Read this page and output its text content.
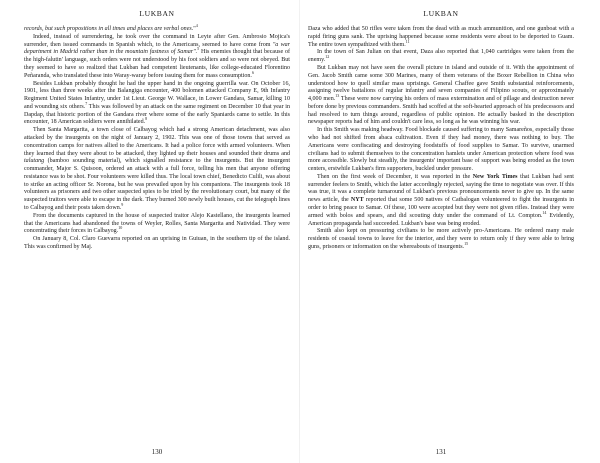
LUKBAN

records, but such propositions in all times and places are verbal ones."$^4$

Indeed, instead of surrendering, he took over the command in Leyte after Gen. Ambrosio Mojica's surrender, then issued commands in Spanish which, to the Americans, seemed to have come from "a war department in Madrid rather than in the mountain fastness of Samar".$^5$ His enemies thought that because of the high-falutin' language, such orders were not understood by his foot soldiers and so were not obeyed. But they seemed to have so realized that Lukban had competent lieutenants, like college-educated Florentino Peñaranda, who translated these into Waray-waray before issuing them for mass consumption.$^6$

Besides Lukban probably thought he had the upper hand in the ongoing guerrilla war. On October 16, 1901, less than three weeks after the Balangiga encounter, 400 bolomen attacked Company E, 9th Infantry Regiment United States Infantry, under 1st Lieut. George W. Wallace, in Lower Gandara, Samar, killing 10 and wounding six others.$^7$ This was followed by an attack on the same regiment on December 10 that year in Dapdap, that historic portion of the Gandara river where some of the early Spaniards came to settle. In this encounter, 18 American soldiers were annihilated.$^8$

Then Santa Margarita, a town close of Calbayog which had a strong American detachment, was also attacked by the insurgents on the night of January 2, 1902. This was one of those towns that served as concentration camps for natives allied to the Americans. It had a police force with armed volunteers. When they learned that they were about to be attacked, they lighted up their houses and sounded their drums and talutang (bamboo sounding material), which signalled resistance to the insurgents. But the insurgent commander, Major S. Quisoon, ordered an attack with a full force, telling his men that anyone offering resistance was to be shot. Four volunteers were killed thus. The local town chief, Benedicto Culili, was about to strike an acting officer Sr. Norona, but he was prevailed upon by his companions. The insurgents took 18 volunteers as prisoners and two other suspected spies to be tried by the revolutionary court, but many of the suspected traitors were able to escape in the dark. They burned 300 newly built houses, cut the telegraph lines to Calbayog and their posts taken down.$^9$

From the documents captured in the house of suspected traitor Alejo Kastellano, the insurgents learned that the Americans had abandoned the towns of Weyler, Rolles, Santa Margarita and Natividad. They were concentrating their forces in Calbayog.$^{10}$

On January 8, Col. Claro Guevarra reported on an uprising in Guiuan, in the southern tip of the island. This was confirmed by Maj.

130
LUKBAN

Daza who added that 50 rifles were taken from the dead with as much ammunition, and one gunboat with a rapid firing guns sank. The uprising happened because some residents were about to be deported to Guam. The entire town sympathized with them.$^{11}$

In the town of San Julian on that event, Daza also reported that 1,040 cartridges were taken from the enemy.$^{12}$

But Lukban may not have seen the overall picture in island and outside of it. With the appointment of Gen. Jacob Smith came some 300 Marines, many of them veterans of the Boxer Rebellion in China who understood how to quell similar mass uprisings. General Chaffee gave Smith substantial reinforcements, assigning twelve battalions of regular infantry and seven companies of Filipino scouts, or approximately 4,000 men.$^{13}$ These were now carrying his orders of mass extermination and of pillage and destruction never before done by previous commanders. Smith had scoffed at the soft-hearted approach of his predecessors and had resolved to turn things around, regardless of public opinion. He actually basked in the description newspaper reports had of him and couldn't care less, so long as he was winning his war.

In this Smith was making headway. Food blockade caused suffering to many Samareños, especially those who had not shifted from abaca cultivation. Even if they had money, there was nothing to buy. The Americans were confiscating and destroying foodstuffs of food supplies to Samar. To survive, unarmed civilians had to submit themselves to the concentration hamlets under American protection where food was more accessible. Slowly but steadily, the insurgents' important base of support was being eroded as the town centers, erstwhile Lukban's firm supporters, buckled under pressure.

Then on the first week of December, it was reported in the New York Times that Lukban had sent surrender feelers to Smith, which the latter accordingly rejected, saying the time to negotiate was over. If this was true, it was a complete turnaround of Lukban's previous pronouncements never to give up. In the same news article, the NYT reported that some 500 natives of Catbalogan volunteered to fight the insurgents in order to bring peace to Samar. Of these, 100 were accepted but they were not given rifles. Instead they were armed with bolos and spears, and did scouting duty under the command of Lt. Compton.$^{14}$ Evidently, American propaganda had succeeded. Lukban's base was being eroded.

Smith also kept on pressuring civilians to be more actively pro-Americans. He ordered many male residents of coastal towns to leave for the interior, and they were to return only if they were able to bring guns, prisoners or information on the whereabouts of insurgents.$^{15}$

131
